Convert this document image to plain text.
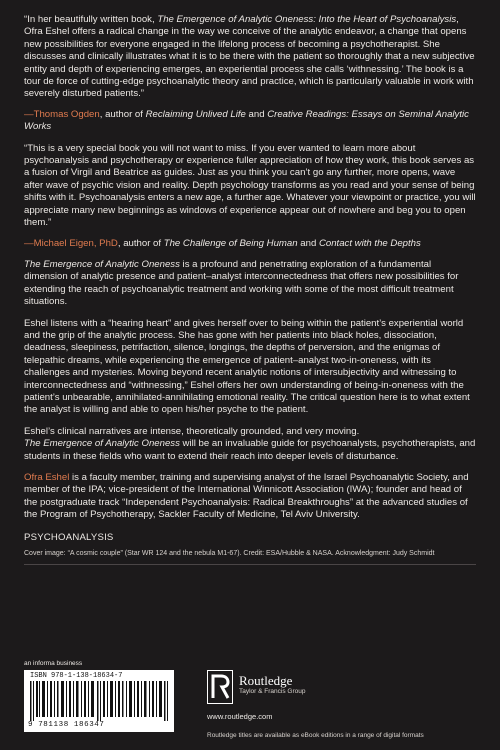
“In her beautifully written book, The Emergence of Analytic Oneness: Into the Heart of Psychoanalysis, Ofra Eshel offers a radical change in the way we conceive of the analytic endeavor, a change that opens new possibilities for everyone engaged in the lifelong process of becoming a psychotherapist. She discusses and clinically illustrates what it is to be there with the patient so thoroughly that a new subjective entity and depth of experiencing emerges, an experiential process she calls ‘withnessing.’ The book is a tour de force of cutting-edge psychoanalytic theory and practice, which is particularly valuable in work with severely disturbed patients.”

—Thomas Ogden, author of Reclaiming Unlived Life and Creative Readings: Essays on Seminal Analytic Works

“This is a very special book you will not want to miss. If you ever wanted to learn more about psychoanalysis and psychotherapy or experience fuller appreciation of how they work, this book serves as a fusion of Virgil and Beatrice as guides. Just as you think you can’t go any further, more opens, wave after wave of psychic vision and reality. Depth psychology transforms as you read and your sense of being shifts with it. Psychoanalysis enters a new age, a further age. Whatever your viewpoint or practice, you will appreciate many new beginnings as windows of experience appear out of nowhere and beg you to open them.”

—Michael Eigen, PhD, author of The Challenge of Being Human and Contact with the Depths

The Emergence of Analytic Oneness is a profound and penetrating exploration of a fundamental dimension of analytic presence and patient–analyst interconnectedness that offers new possibilities for extending the reach of psychoanalytic treatment and working with some of the most difficult treatment situations.

Eshel listens with a “hearing heart” and gives herself over to being within the patient’s experiential world and the grip of the analytic process. She has gone with her patients into black holes, dissociation, deadness, sleepiness, petrifaction, silence, longings, the depths of perversion, and the enigmas of telepathic dreams, while experiencing the emergence of patient–analyst two-in-oneness, with its challenges and mysteries. Moving beyond recent analytic notions of intersubjectivity and witnessing to interconnectedness and “withnessing,” Eshel offers her own understanding of being-in-oneness with the patient’s unbearable, annihilated-annihilating emotional reality. The critical question here is to what extent the analyst is willing and able to open his/her psyche to the patient.

Eshel’s clinical narratives are intense, theoretically grounded, and very moving.
The Emergence of Analytic Oneness will be an invaluable guide for psychoanalysts, psychotherapists, and students in these fields who want to extend their reach into deeper levels of disturbance.

Ofra Eshel is a faculty member, training and supervising analyst of the Israel Psychoanalytic Society, and member of the IPA; vice-president of the International Winnicott Association (IWA); founder and head of the postgraduate track “Independent Psychoanalysis: Radical Breakthroughs” at the advanced studies of the Program of Psychotherapy, Sackler Faculty of Medicine, Tel Aviv University.

PSYCHOANALYSIS

Cover image: “A cosmic couple” (Star WR 124 and the nebula M1-67). Credit: ESA/Hubble & NASA. Acknowledgment: Judy Schmidt

an informa business
ISBN 978-1-138-18634-7
9 781138 186347
Routledge
Taylor & Francis Group
www.routledge.com
Routledge titles are available as eBook editions in a range of digital formats
